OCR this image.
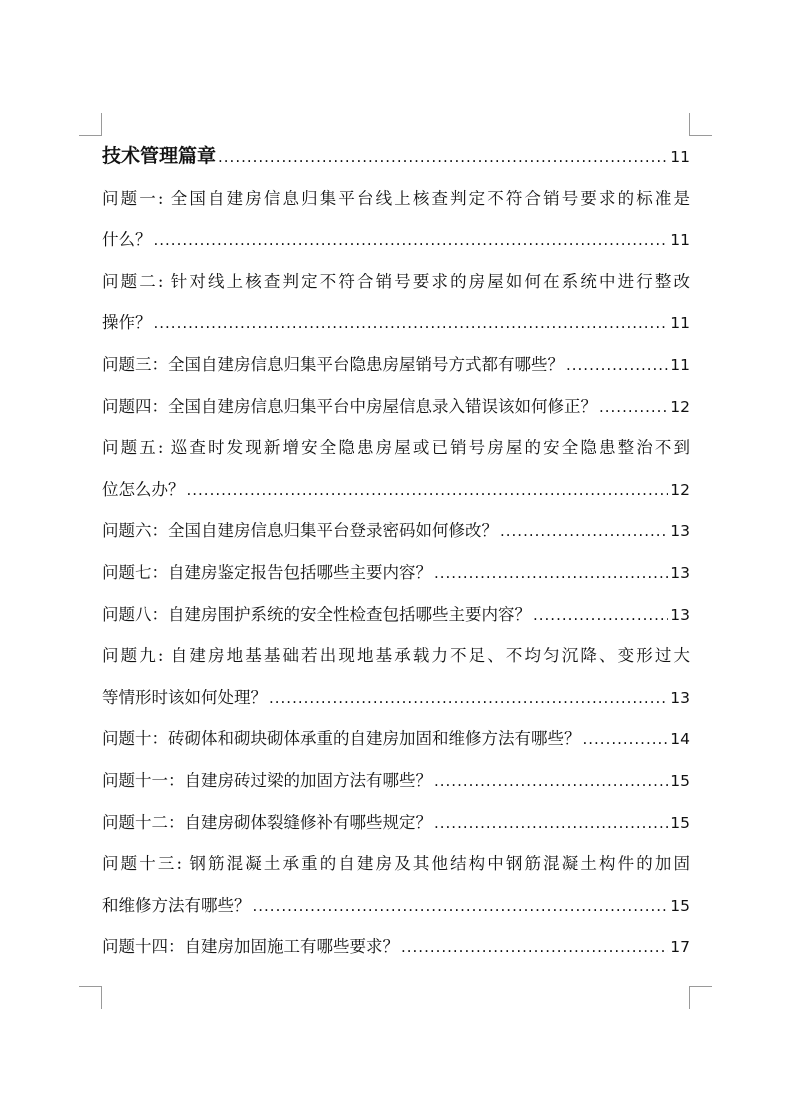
技术管理篇章 .....	11
问题一: 全国自建房信息归集平台线上核查判定不符合销号要求的标准是
什么？ .....	11
问题二: 针对线上核查判定不符合销号要求的房屋如何在系统中进行整改
操作？ .....	11
问题三：全国自建房信息归集平台隐患房屋销号方式都有哪些？ .....	11
问题四：全国自建房信息归集平台中房屋信息录入错误该如何修正？ .....	12
问题五: 巡查时发现新增安全隐患房屋或已销号房屋的安全隐患整治不到
位怎么办？ .....	12
问题六：全国自建房信息归集平台登录密码如何修改？ .....	13
问题七：自建房鉴定报告包括哪些主要内容？ .....	13
问题八：自建房围护系统的安全性检查包括哪些主要内容？ .....	13
问题九: 自建房地基基础若出现地基承载力不足、不均匀沉降、变形过大
等情形时该如何处理？ .....	13
问题十：砖砌体和砌块砌体承重的自建房加固和维修方法有哪些？ .....	14
问题十一：自建房砖过梁的加固方法有哪些？ .....	15
问题十二：自建房砌体裂缝修补有哪些规定？ .....	15
问题十三: 钢筋混凝土承重的自建房及其他结构中钢筋混凝土构件的加固
和维修方法有哪些？ .....	15
问题十四：自建房加固施工有哪些要求？ .....	17
